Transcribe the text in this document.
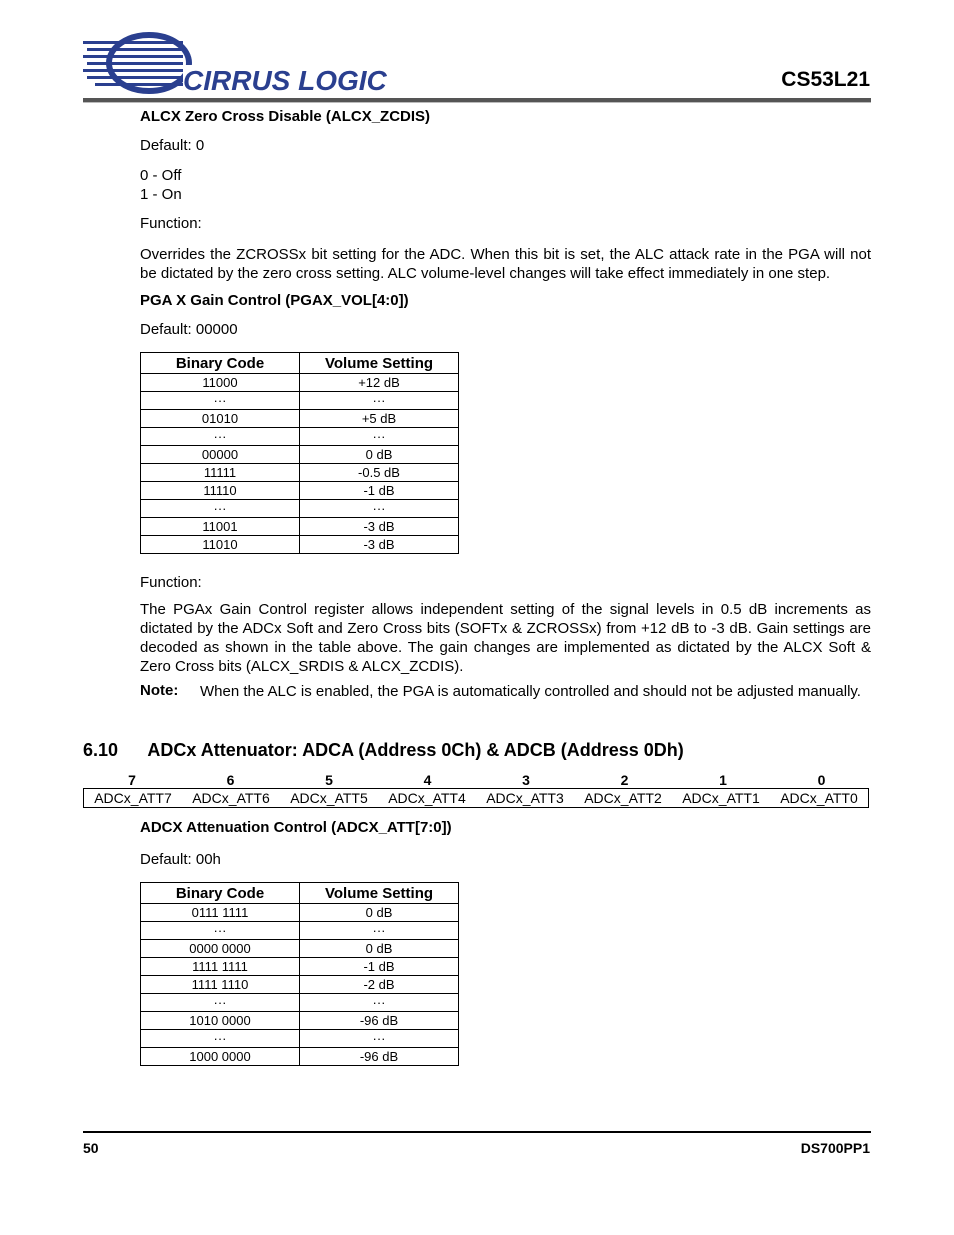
CIRRUS LOGIC	CS53L21
ALCX Zero Cross Disable (ALCX_ZCDIS)
Default: 0
0 - Off
1 - On
Function:
Overrides the ZCROSSx bit setting for the ADC. When this bit is set, the ALC attack rate in the PGA will not be dictated by the zero cross setting. ALC volume-level changes will take effect immediately in one step.
PGA X Gain Control (PGAX_VOL[4:0])
Default: 00000
Binary Code	Volume Setting
11000	+12 dB
···	···
01010	+5 dB
···	···
00000	0 dB
11111	-0.5 dB
11110	-1 dB
···	···
11001	-3 dB
11010	-3 dB
Function:
The PGAx Gain Control register allows independent setting of the signal levels in 0.5 dB increments as dictated by the ADCx Soft and Zero Cross bits (SOFTx & ZCROSSx) from +12 dB to -3 dB. Gain settings are decoded as shown in the table above. The gain changes are implemented as dictated by the ALCX Soft & Zero Cross bits (ALCX_SRDIS & ALCX_ZCDIS).
Note: When the ALC is enabled, the PGA is automatically controlled and should not be adjusted manually.
6.10 ADCx Attenuator: ADCA (Address 0Ch) & ADCB (Address 0Dh)
7	6	5	4	3	2	1	0
ADCx_ATT7	ADCx_ATT6	ADCx_ATT5	ADCx_ATT4	ADCx_ATT3	ADCx_ATT2	ADCx_ATT1	ADCx_ATT0
ADCX Attenuation Control (ADCX_ATT[7:0])
Default: 00h
Binary Code	Volume Setting
0111 1111	0 dB
···	···
0000 0000	0 dB
1111 1111	-1 dB
1111 1110	-2 dB
···	···
1010 0000	-96 dB
···	···
1000 0000	-96 dB
50	DS700PP1
